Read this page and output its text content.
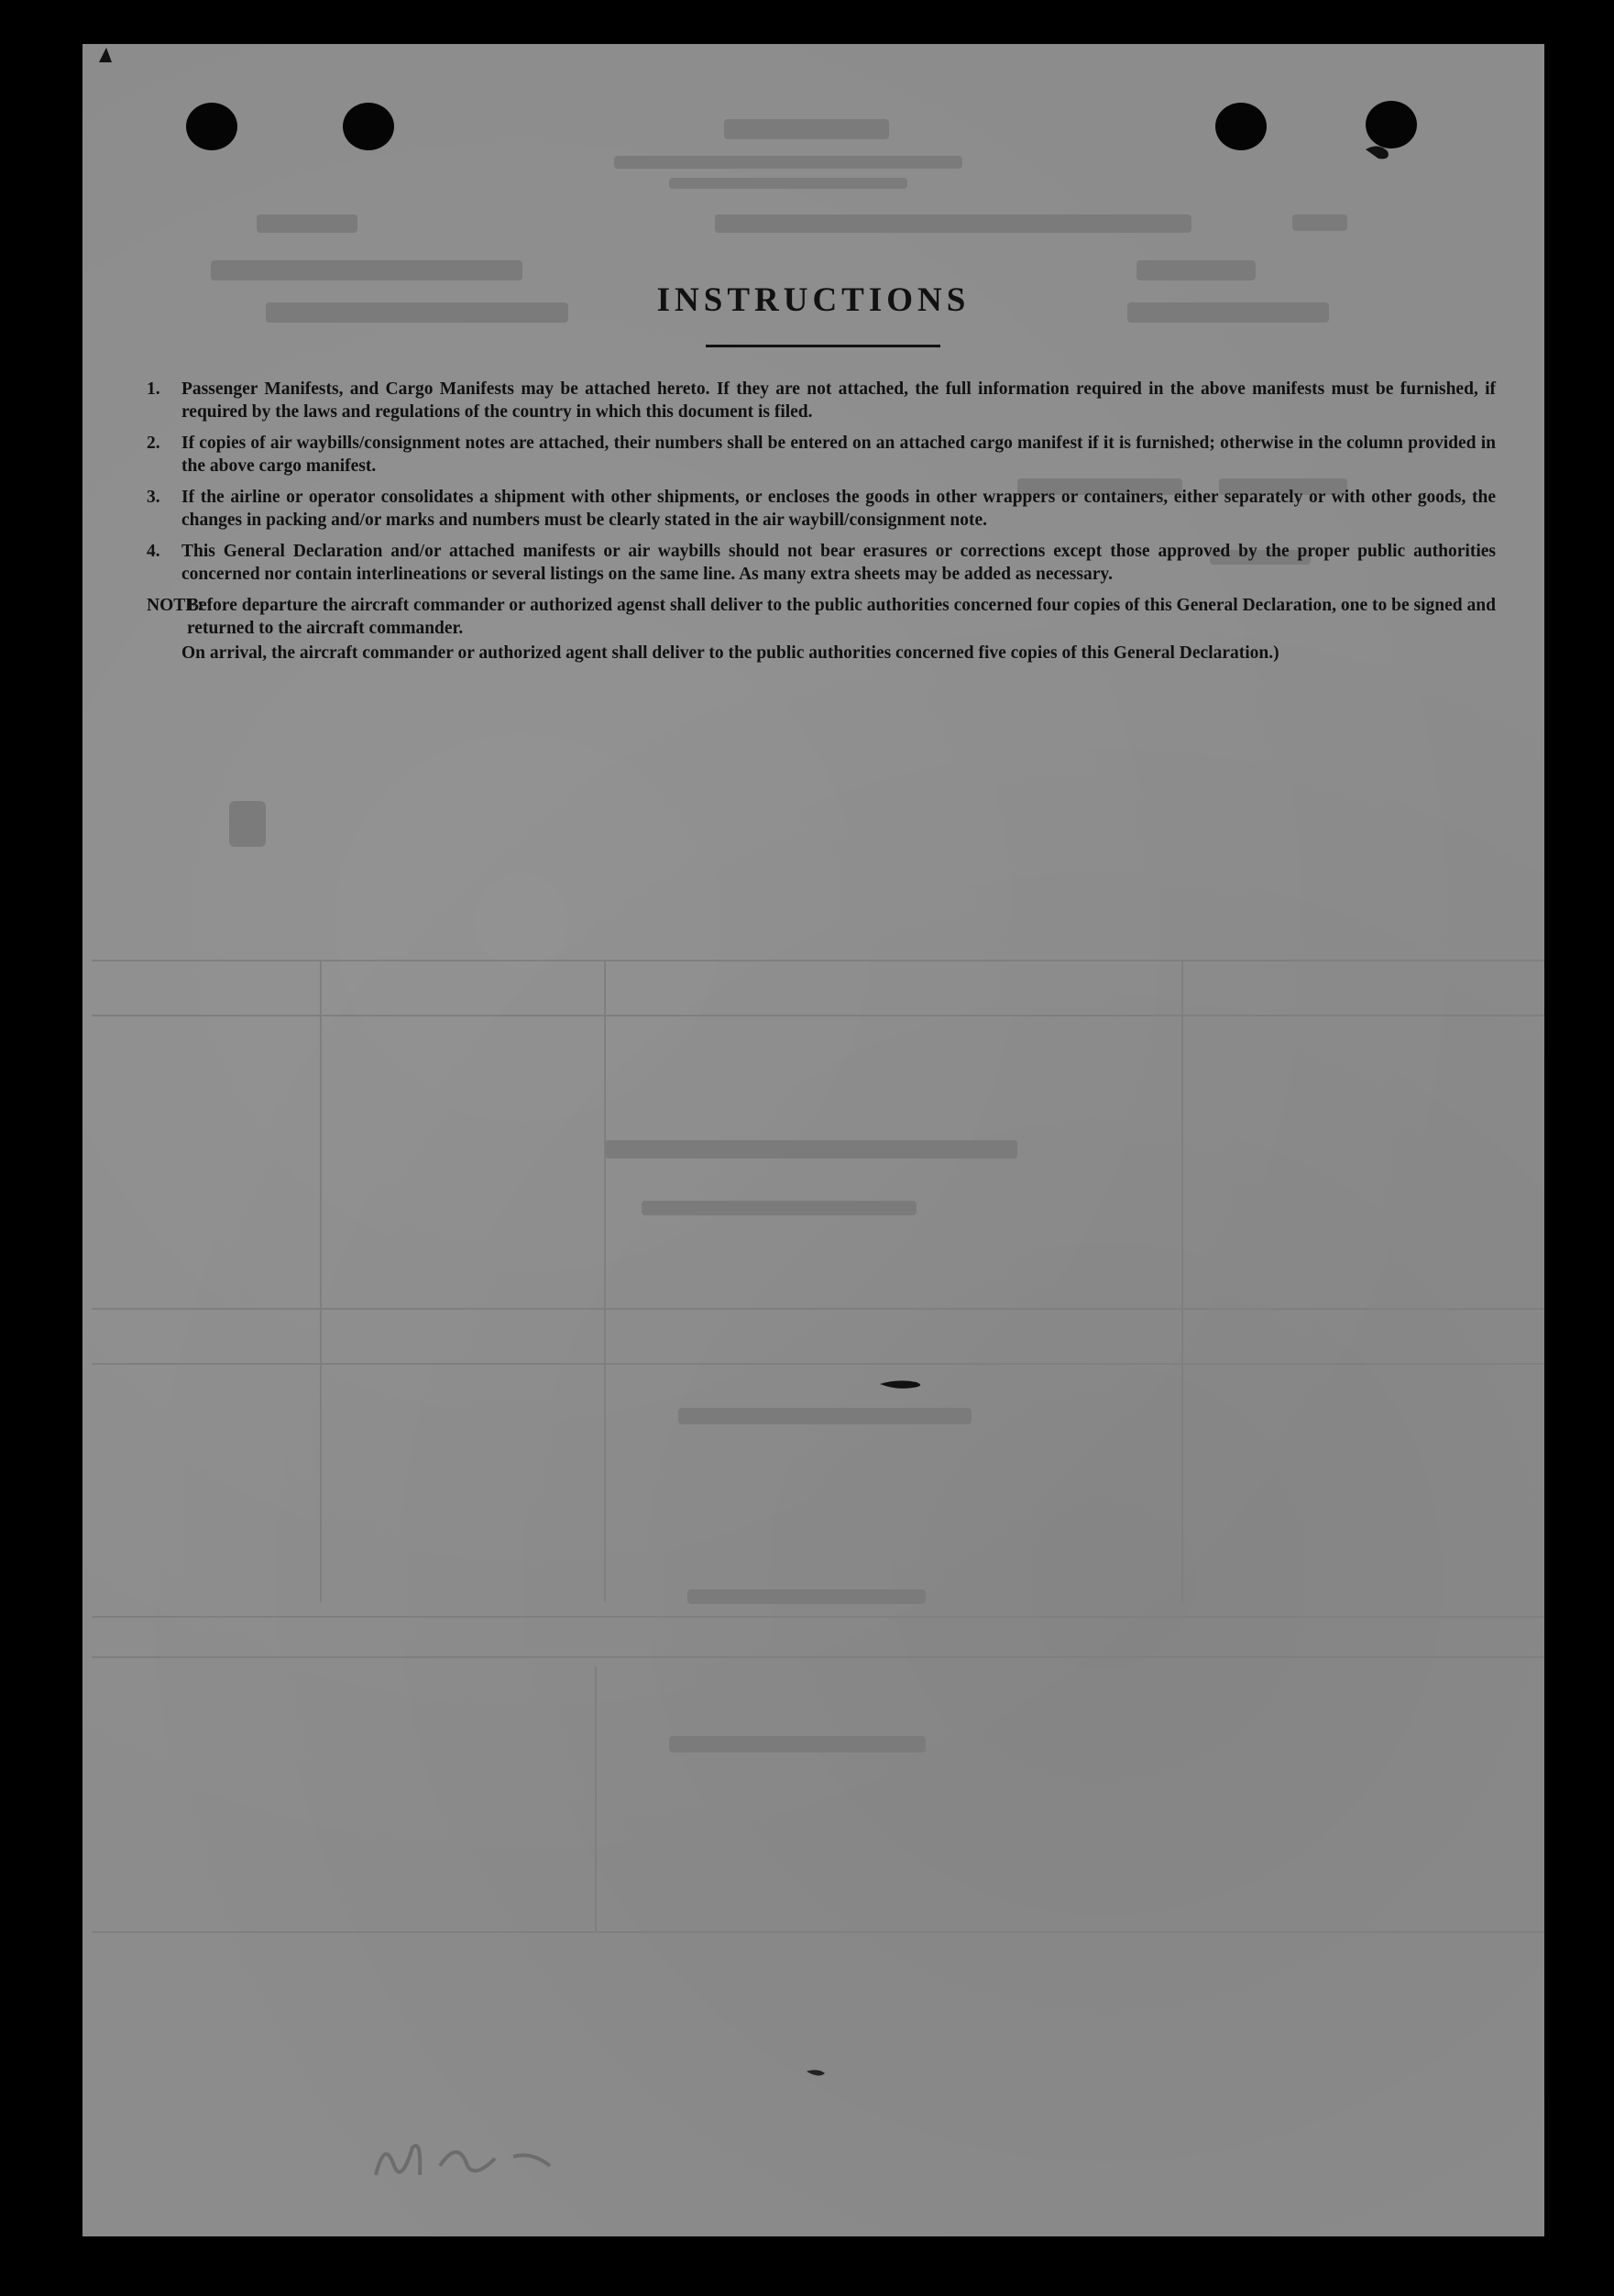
INSTRUCTIONS
1.	Passenger Manifests, and Cargo Manifests may be attached hereto. If they are not attached, the full information required in the above manifests must be furnished, if required by the laws and regulations of the country in which this document is filed.
2.	If copies of air waybills/consignment notes are attached, their numbers shall be entered on an attached cargo manifest if it is furnished; otherwise in the column provided in the above cargo manifest.
3.	If the airline or operator consolidates a shipment with other shipments, or encloses the goods in other wrappers or containers, either separately or with other goods, the changes in packing and/or marks and numbers must be clearly stated in the air waybill/consignment note.
4.	This General Declaration and/or attached manifests or air waybills should not bear erasures or corrections except those approved by the proper public authorities concerned nor contain interlineations or several listings on the same line. As many extra sheets may be added as necessary.
NOTE:
Before departure the aircraft commander or authorized agenst shall deliver to the public authorities concerned four copies of this General Declaration, one to be signed and returned to the aircraft commander.
On arrival, the aircraft commander or authorized agent shall deliver to the public authorities concerned five copies of this General Declaration.)
